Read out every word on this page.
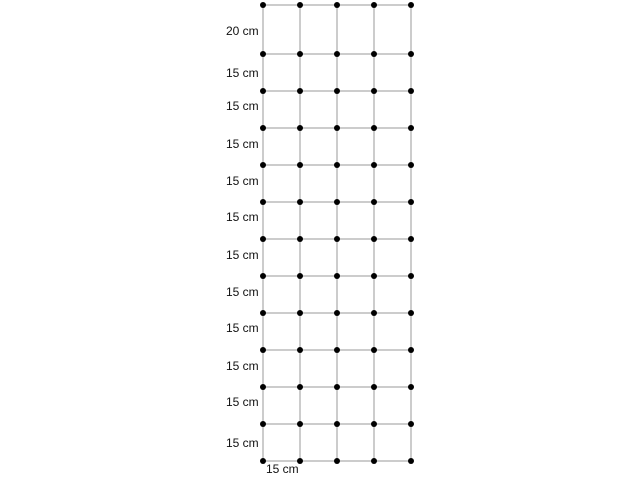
20 cm
15 cm
15 cm
15 cm
15 cm
15 cm
15 cm
15 cm
15 cm
15 cm
15 cm
15 cm
15 cm
